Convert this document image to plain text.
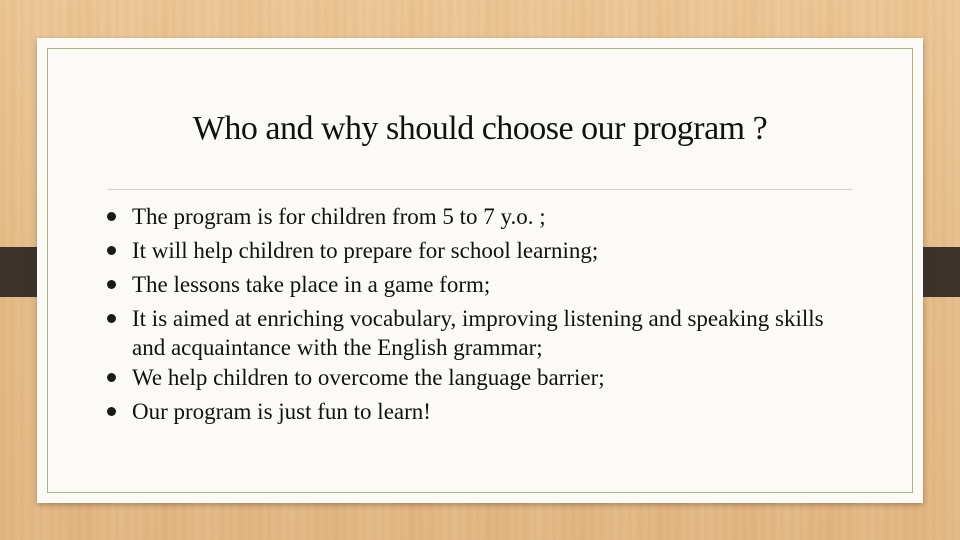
Who and why should choose our program ?
The program is for children from 5 to 7 y.o. ;
It will help children to prepare for school learning;
The lessons take place in a game form;
It is aimed at enriching vocabulary, improving listening and speaking skills and acquaintance with the English grammar;
We help children to overcome the language barrier;
Our program is just fun to learn!
